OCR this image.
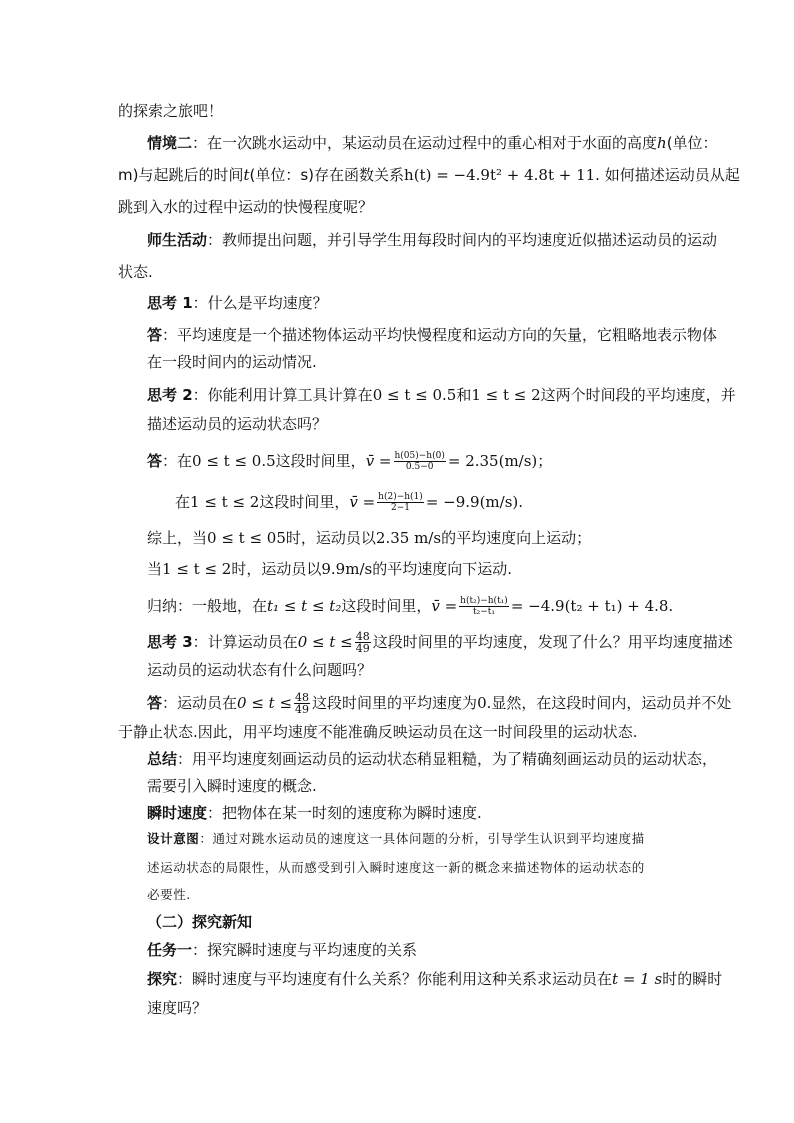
的探索之旅吧！
情境二：在一次跳水运动中，某运动员在运动过程中的重心相对于水面的高度h(单位：
m)与起跳后的时间t(单位：s)存在函数关系h(t) = −4.9t² + 4.8t + 11. 如何描述运动员从起
跳到入水的过程中运动的快慢程度呢？
师生活动：教师提出问题，并引导学生用每段时间内的平均速度近似描述运动员的运动
状态.
思考 1：什么是平均速度？
答：平均速度是一个描述物体运动平均快慢程度和运动方向的矢量，它粗略地表示物体
在一段时间内的运动情况.
思考 2：你能利用计算工具计算在0 ≤ t ≤ 0.5和1 ≤ t ≤ 2这两个时间段的平均速度，并
描述运动员的运动状态吗？
答：在0 ≤ t ≤ 0.5这段时间里，v̄ = $\frac{h(05)-h(0)}{0.5-0} = 2.35(m/s)$；
在1 ≤ t ≤ 2这段时间里，v̄ = $\frac{h(2)-h(1)}{2-1} = -9.9(m/s)$.
综上，当0 ≤ t ≤ 05时，运动员以2.35 m/s的平均速度向上运动；
当1 ≤ t ≤ 2时，运动员以9.9m/s的平均速度向下运动.
归纳：一般地，在t₁ ≤ t ≤ t₂这段时间里，v̄ = $\frac{\text{h(t₂)−h(t₁)}}{\text{t₂−t₁}} = -4.9(t_2 + t_1) + 4.8$.
思考 3：计算运动员在$0 \le t \le \frac{48}{49}$ 这段时间里的平均速度，发现了什么？用平均速度描述
运动员的运动状态有什么问题吗？
答：运动员在$0 \le t \le \frac{48}{49}$ 这段时间里的平均速度为0.显然，在这段时间内，运动员并不处
于静止状态.因此，用平均速度不能准确反映运动员在这一时间段里的运动状态.
总结：用平均速度刻画运动员的运动状态稍显粗糙，为了精确刻画运动员的运动状态，
需要引入瞬时速度的概念.
瞬时速度：把物体在某一时刻的速度称为瞬时速度.
设计意图：通过对跳水运动员的速度这一具体问题的分析，引导学生认识到平均速度描
述运动状态的局限性，从而感受到引入瞬时速度这一新的概念来描述物体的运动状态的
必要性.
（二）探究新知
任务一：探究瞬时速度与平均速度的关系
探究：瞬时速度与平均速度有什么关系？你能利用这种关系求运动员在t = 1 s时的瞬时
速度吗？
